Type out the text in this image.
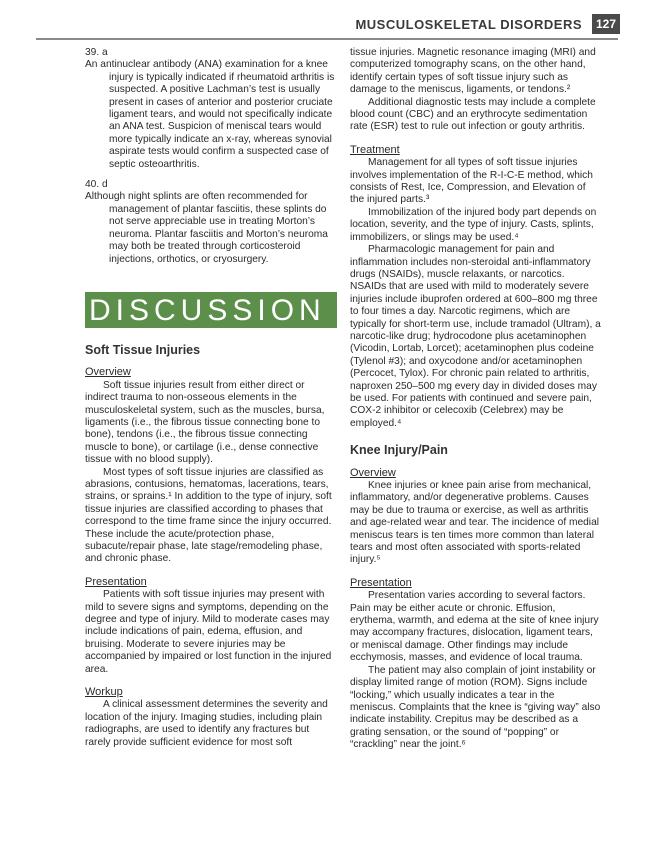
MUSCULOSKELETAL DISORDERS	127

39. a

An antinuclear antibody (ANA) examination for a knee injury is typically indicated if rheumatoid arthritis is suspected. A positive Lachman’s test is usually present in cases of anterior and posterior cruciate ligament tears, and would not specifically indicate an ANA test. Suspicion of meniscal tears would more typically indicate an x-ray, whereas synovial aspirate tests would confirm a suspected case of septic osteoarthritis.

40. d

Although night splints are often recommended for management of plantar fasciitis, these splints do not serve appreciable use in treating Morton’s neuroma. Plantar fasciitis and Morton’s neuroma may both be treated through corticosteroid injections, orthotics, or cryosurgery.

DISCUSSION
Soft Tissue Injuries
Overview

Soft tissue injuries result from either direct or indirect trauma to non-osseous elements in the musculoskeletal system, such as the muscles, bursa, ligaments (i.e., the fibrous tissue connecting bone to bone), tendons (i.e., the fibrous tissue connecting muscle to bone), or cartilage (i.e., dense connective tissue with no blood supply).

Most types of soft tissue injuries are classified as abrasions, contusions, hematomas, lacerations, tears, strains, or sprains.¹ In addition to the type of injury, soft tissue injuries are classified according to phases that correspond to the time frame since the injury occurred. These include the acute/protection phase, subacute/repair phase, late stage/remodeling phase, and chronic phase.

Presentation

Patients with soft tissue injuries may present with mild to severe signs and symptoms, depending on the degree and type of injury. Mild to moderate cases may include indications of pain, edema, effusion, and bruising. Moderate to severe injuries may be accompanied by impaired or lost function in the injured area.

Workup

A clinical assessment determines the severity and location of the injury. Imaging studies, including plain radiographs, are used to identify any fractures but rarely provide sufficient evidence for most soft

tissue injuries. Magnetic resonance imaging (MRI) and computerized tomography scans, on the other hand, identify certain types of soft tissue injury such as damage to the meniscus, ligaments, or tendons.²

Additional diagnostic tests may include a complete blood count (CBC) and an erythrocyte sedimentation rate (ESR) test to rule out infection or gouty arthritis.

Treatment

Management for all types of soft tissue injuries involves implementation of the R-I-C-E method, which consists of Rest, Ice, Compression, and Elevation of the injured parts.³

Immobilization of the injured body part depends on location, severity, and the type of injury. Casts, splints, immobilizers, or slings may be used.⁴

Pharmacologic management for pain and inflammation includes non-steroidal anti-inflammatory drugs (NSAIDs), muscle relaxants, or narcotics. NSAIDs that are used with mild to moderately severe injuries include ibuprofen ordered at 600–800 mg three to four times a day. Narcotic regimens, which are typically for short-term use, include tramadol (Ultram), a narcotic-like drug; hydrocodone plus acetaminophen (Vicodin, Lortab, Lorcet); acetaminophen plus codeine (Tylenol #3); and oxycodone and/or acetaminophen (Percocet, Tylox). For chronic pain related to arthritis, naproxen 250–500 mg every day in divided doses may be used. For patients with continued and severe pain, COX-2 inhibitor or celecoxib (Celebrex) may be employed.⁴

Knee Injury/Pain
Overview

Knee injuries or knee pain arise from mechanical, inflammatory, and/or degenerative problems. Causes may be due to trauma or exercise, as well as arthritis and age-related wear and tear. The incidence of medial meniscus tears is ten times more common than lateral tears and most often associated with sports-related injury.⁵

Presentation

Presentation varies according to several factors. Pain may be either acute or chronic. Effusion, erythema, warmth, and edema at the site of knee injury may accompany fractures, dislocation, ligament tears, or meniscal damage. Other findings may include ecchymosis, masses, and evidence of local trauma.

The patient may also complain of joint instability or display limited range of motion (ROM). Signs include “locking,” which usually indicates a tear in the meniscus. Complaints that the knee is “giving way” also indicate instability. Crepitus may be described as a grating sensation, or the sound of “popping” or “crackling” near the joint.⁶
